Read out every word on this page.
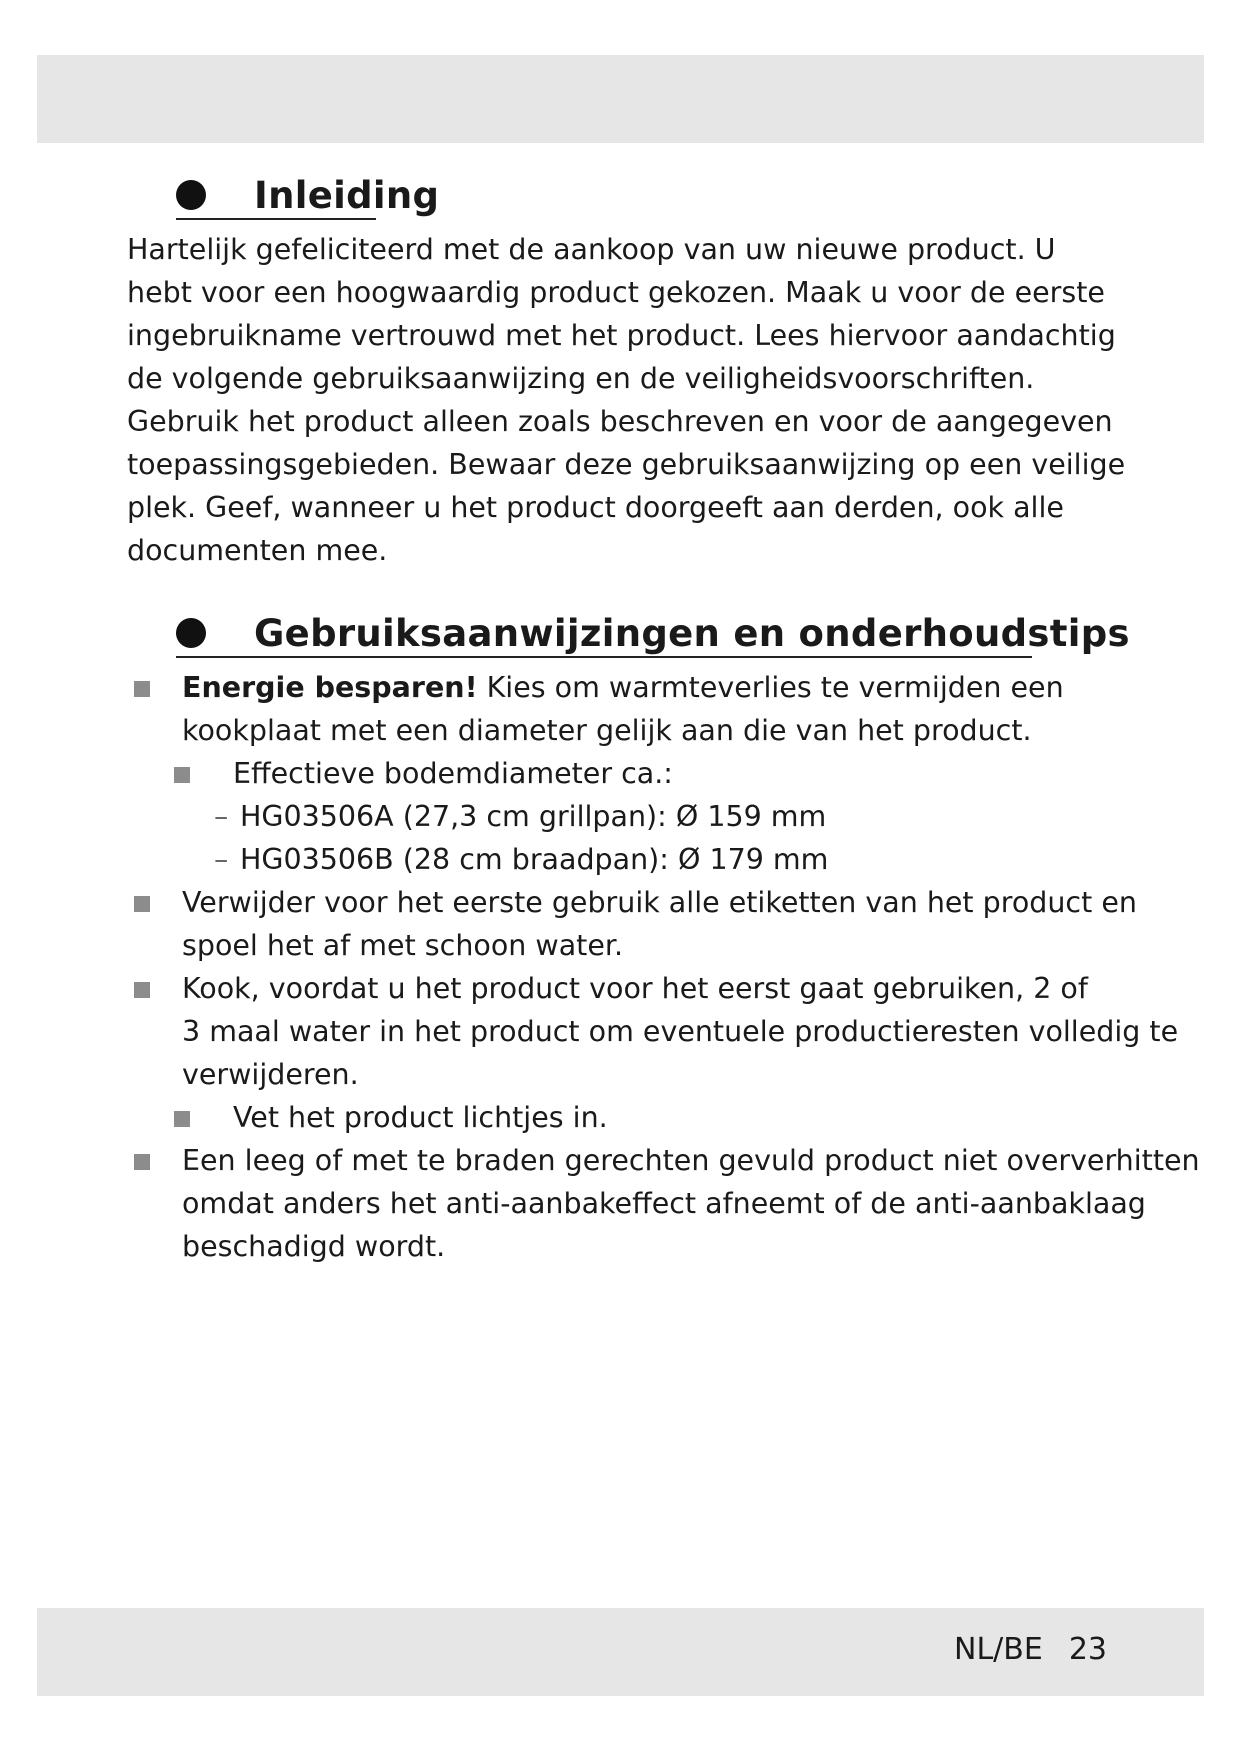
Inleiding
Hartelijk gefeliciteerd met de aankoop van uw nieuwe product. U
hebt voor een hoogwaardig product gekozen. Maak u voor de eerste
ingebruikname vertrouwd met het product. Lees hiervoor aandachtig
de volgende gebruiksaanwijzing en de veiligheidsvoorschriften.
Gebruik het product alleen zoals beschreven en voor de aangegeven
toepassingsgebieden. Bewaar deze gebruiksaanwijzing op een veilige
plek. Geef, wanneer u het product doorgeeft aan derden, ook alle
documenten mee.
Gebruiksaanwijzingen en onderhoudstips
Energie besparen! Kies om warmteverlies te vermijden een
kookplaat met een diameter gelijk aan die van het product.
Effectieve bodemdiameter ca.:
– HG03506A (27,3 cm grillpan): Ø 159 mm
– HG03506B (28 cm braadpan): Ø 179 mm
Verwijder voor het eerste gebruik alle etiketten van het product en
spoel het af met schoon water.
Kook, voordat u het product voor het eerst gaat gebruiken, 2 of
3 maal water in het product om eventuele productieresten volledig te
verwijderen.
Vet het product lichtjes in.
Een leeg of met te braden gerechten gevuld product niet oververhitten
omdat anders het anti-aanbakeffect afneemt of de anti-aanbaklaag
beschadigd wordt.
NL/BE 23
